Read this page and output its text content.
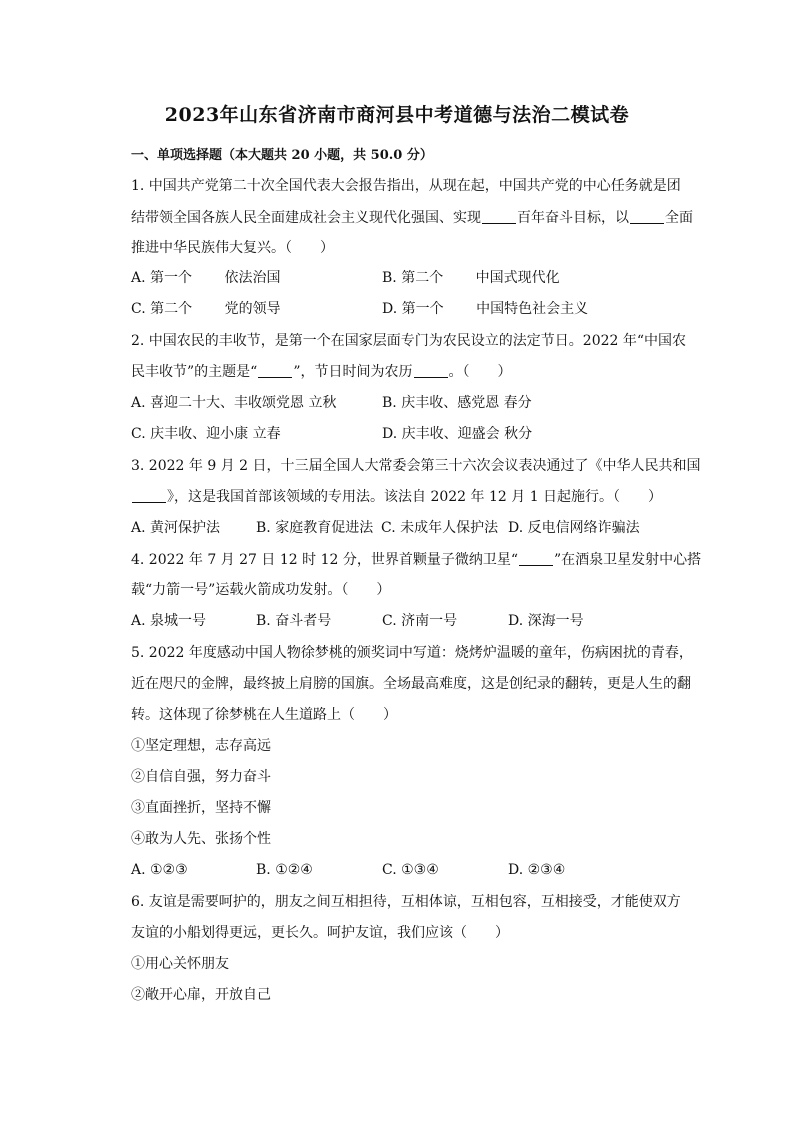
2023年山东省济南市商河县中考道德与法治二模试卷
一、单项选择题（本大题共 20 小题，共 50.0 分）
1. 中国共产党第二十次全国代表大会报告指出，从现在起，中国共产党的中心任务就是团
结带领全国各族人民全面建成社会主义现代化强国、实现	百年奋斗目标，以	全面
推进中华民族伟大复兴。（　　）
A. 第一个　　 依法治国	B. 第二个　　 中国式现代化
C. 第二个　　 党的领导	D. 第一个　　 中国特色社会主义
2. 中国农民的丰收节，是第一个在国家层面专门为农民设立的法定节日。2022 年“中国农
民丰收节”的主题是“	”，节日时间为农历	。（　　）
A. 喜迎二十大、丰收颂党恩 立秋	B. 庆丰收、感党恩 春分
C. 庆丰收、迎小康 立春	D. 庆丰收、迎盛会 秋分
3. 2022 年 9 月 2 日，十三届全国人大常委会第三十六次会议表决通过了《中华人民共和国
》，这是我国首部该领域的专用法。该法自 2022 年 12 月 1 日起施行。（　　）
A. 黄河保护法	B. 家庭教育促进法 C. 未成年人保护法 D. 反电信网络诈骗法
4. 2022 年 7 月 27 日 12 时 12 分，世界首颗量子微纳卫星“	”在酒泉卫星发射中心搭
载“力箭一号”运载火箭成功发射。（　　）
A. 泉城一号	B. 奋斗者号	C. 济南一号	D. 深海一号
5. 2022 年度感动中国人物徐梦桃的颁奖词中写道：烧烤炉温暖的童年，伤病困扰的青春，
近在咫尺的金牌，最终披上肩膀的国旗。全场最高难度，这是创纪录的翻转，更是人生的翻
转。这体现了徐梦桃在人生道路上（　　）
①坚定理想，志存高远
②自信自强，努力奋斗
③直面挫折，坚持不懈
④敢为人先、张扬个性
A. ①②③	B. ①②④	C. ①③④	D. ②③④
6. 友谊是需要呵护的，朋友之间互相担待，互相体谅，互相包容，互相接受，才能使双方
友谊的小船划得更远，更长久。呵护友谊，我们应该（　　）
①用心关怀朋友
②敞开心扉，开放自己
